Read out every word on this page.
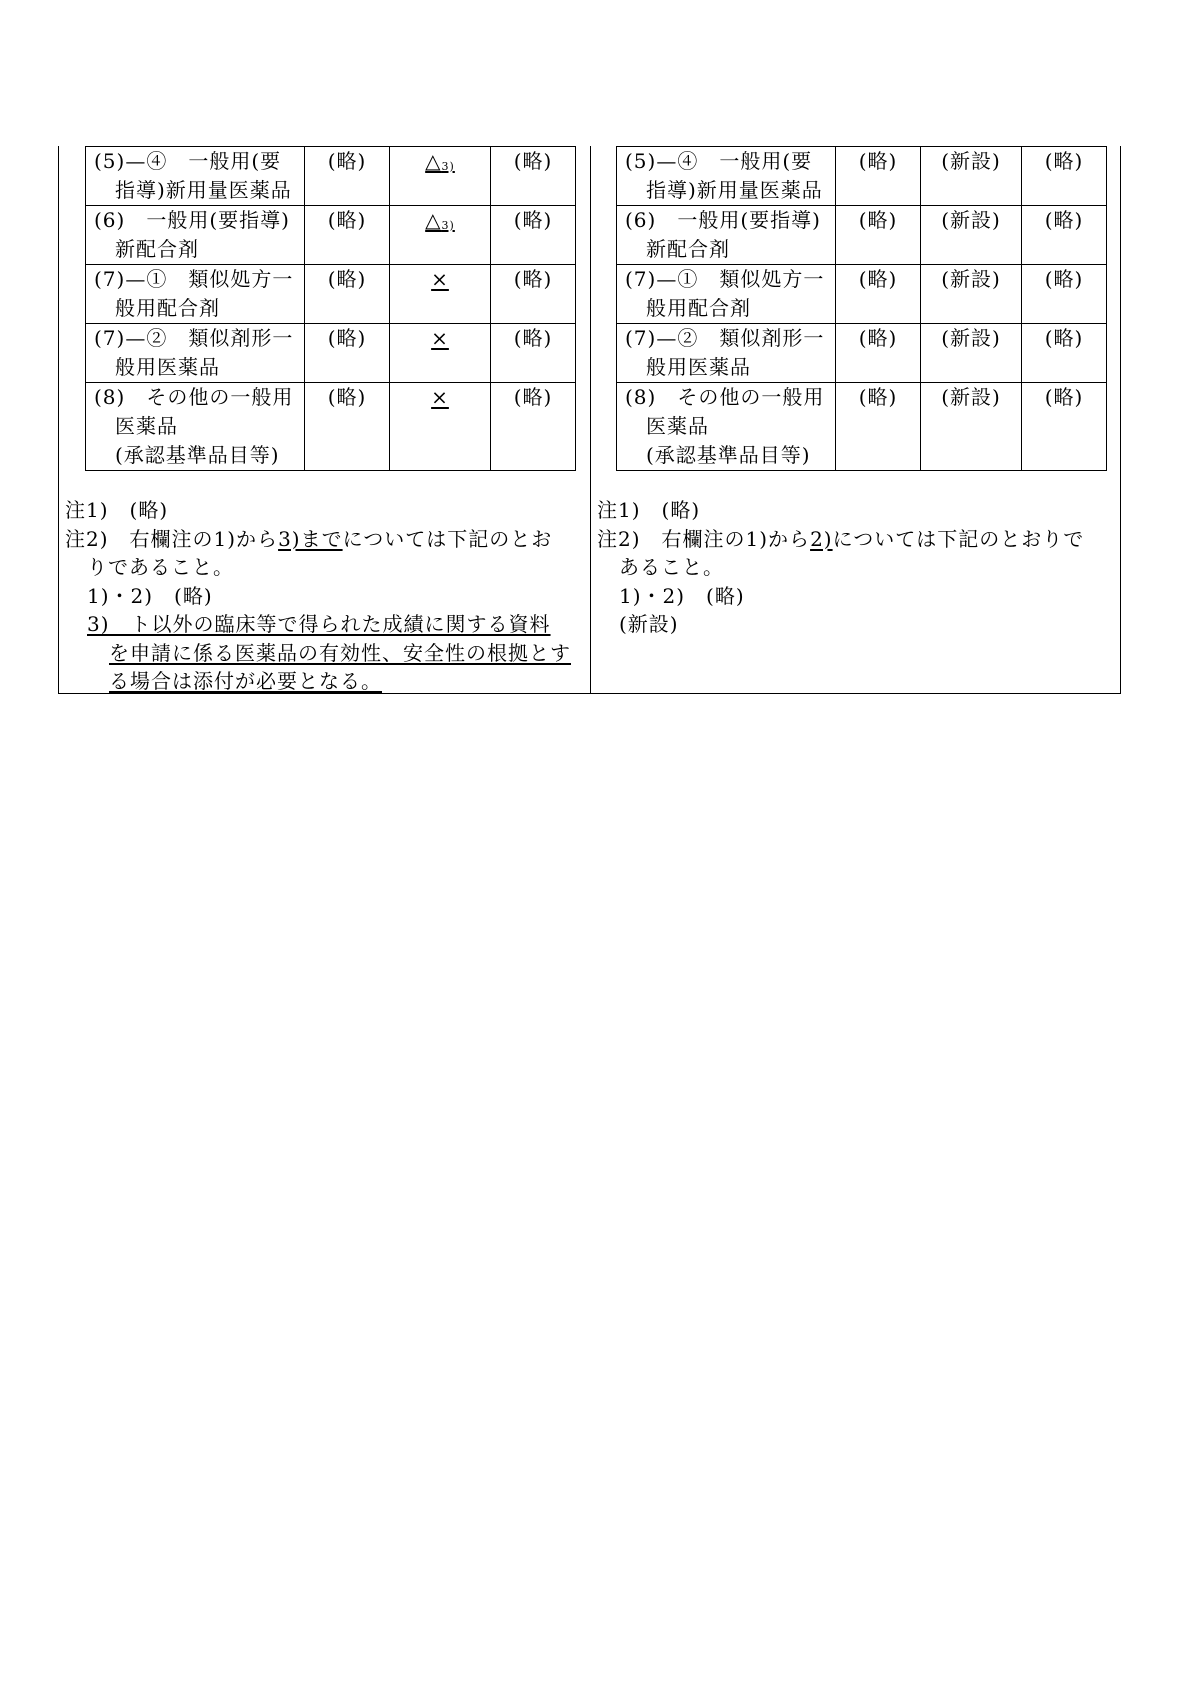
(5)—④　一般用(要
指導)新用量医薬品	(略)	$\triangle_{3)}$	(略)

(6)　一般用(要指導)
新配合剤	(略)	$\triangle_{3)}$	(略)

(7)—①　類似処方一
般用配合剤	(略)	×	(略)

(7)—②　類似剤形一
般用医薬品	(略)	×	(略)

(8)　その他の一般用
医薬品
(承認基準品目等)	(略)	×	(略)
注1)　(略)
注2)　右欄注の1)から3)までについては下記のとお
りであること。
1)・2)　(略)
3)　ト以外の臨床等で得られた成績に関する資料
を申請に係る医薬品の有効性、安全性の根拠とす
る場合は添付が必要となる。
(5)—④　一般用(要
指導)新用量医薬品	(略)	(新設)	(略)

(6)　一般用(要指導)
新配合剤	(略)	(新設)	(略)

(7)—①　類似処方一
般用配合剤	(略)	(新設)	(略)

(7)—②　類似剤形一
般用医薬品	(略)	(新設)	(略)

(8)　その他の一般用
医薬品
(承認基準品目等)	(略)	(新設)	(略)
注1)　(略)
注2)　右欄注の1)から2)については下記のとおりで
あること。
1)・2)　(略)
(新設)
